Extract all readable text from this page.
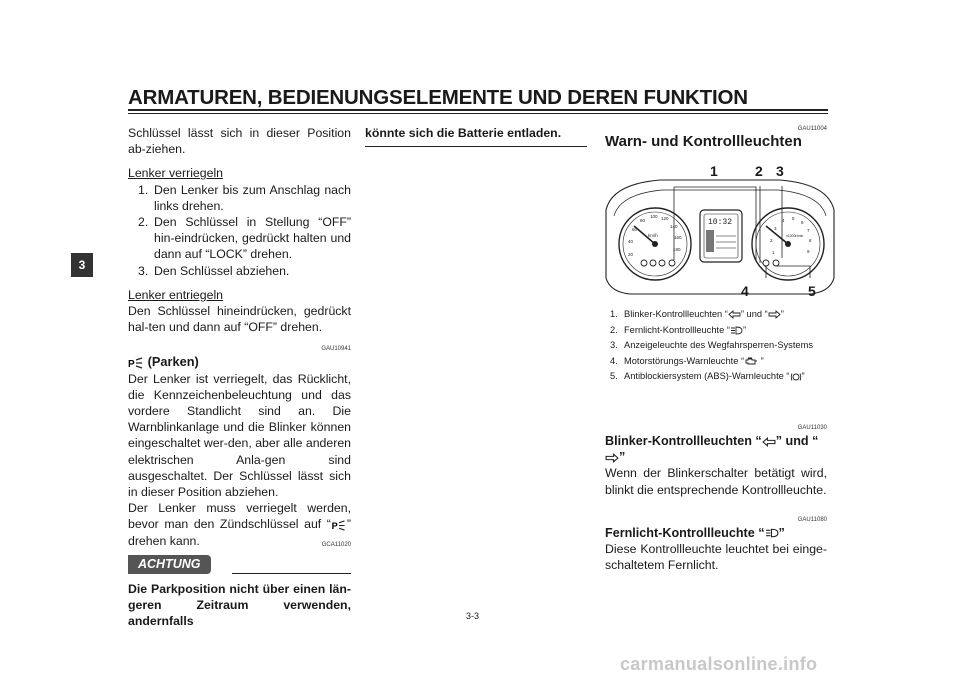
ARMATUREN, BEDIENUNGSELEMENTE UND DEREN FUNKTION
3

Schlüssel lässt sich in dieser Position ab-ziehen.

Lenker verriegeln

1. Den Lenker bis zum Anschlag nach links drehen.
2. Den Schlüssel in Stellung “OFF” hin-eindrücken, gedrückt halten und dann auf “LOCK” drehen.
3. Den Schlüssel abziehen.

Lenker entriegeln

Den Schlüssel hineindrücken, gedrückt hal-ten und dann auf “OFF” drehen.

GAU10941

P (Parken)

Der Lenker ist verriegelt, das Rücklicht, die Kennzeichenbeleuchtung und das vordere Standlicht sind an. Die Warnblinkanlage und die Blinker können eingeschaltet wer-den, aber alle anderen elektrischen Anla-gen sind ausgeschaltet. Der Schlüssel lässt sich in dieser Position abziehen.

Der Lenker muss verriegelt werden, bevor man den Zündschlüssel auf “ P ” drehen kann.

ACHTUNG
GCA11020

Die Parkposition nicht über einen län-geren Zeitraum verwenden, andernfalls

könnte sich die Batterie entladen.	GAU11004

Warn- und Kontrollleuchten

20
40
60
80
100 120
140
160
180
km/h
1
2
3
4 5
6
7
8
9
x1000r/min
10:32
1	2 3
4	5
1. Blinker-Kontrollleuchten “ ” und “ ”
2. Fernlicht-Kontrollleuchte “ ”
3. Anzeigeleuchte des Wegfahrsperren-Systems
4. Motorstörungs-Warnleuchte “ ”
5. Antiblockiersystem (ABS)-Warnleuchte “ ”
GAU11030

Blinker-Kontrollleuchten “ ” und “”

Wenn der Blinkerschalter betätigt wird, blinkt die entsprechende Kontrollleuchte.

GAU11080

Fernlicht-Kontrollleuchte “ ”

Diese Kontrollleuchte leuchtet bei einge-schaltetem Fernlicht.

3-3
carmanualsonline.info
